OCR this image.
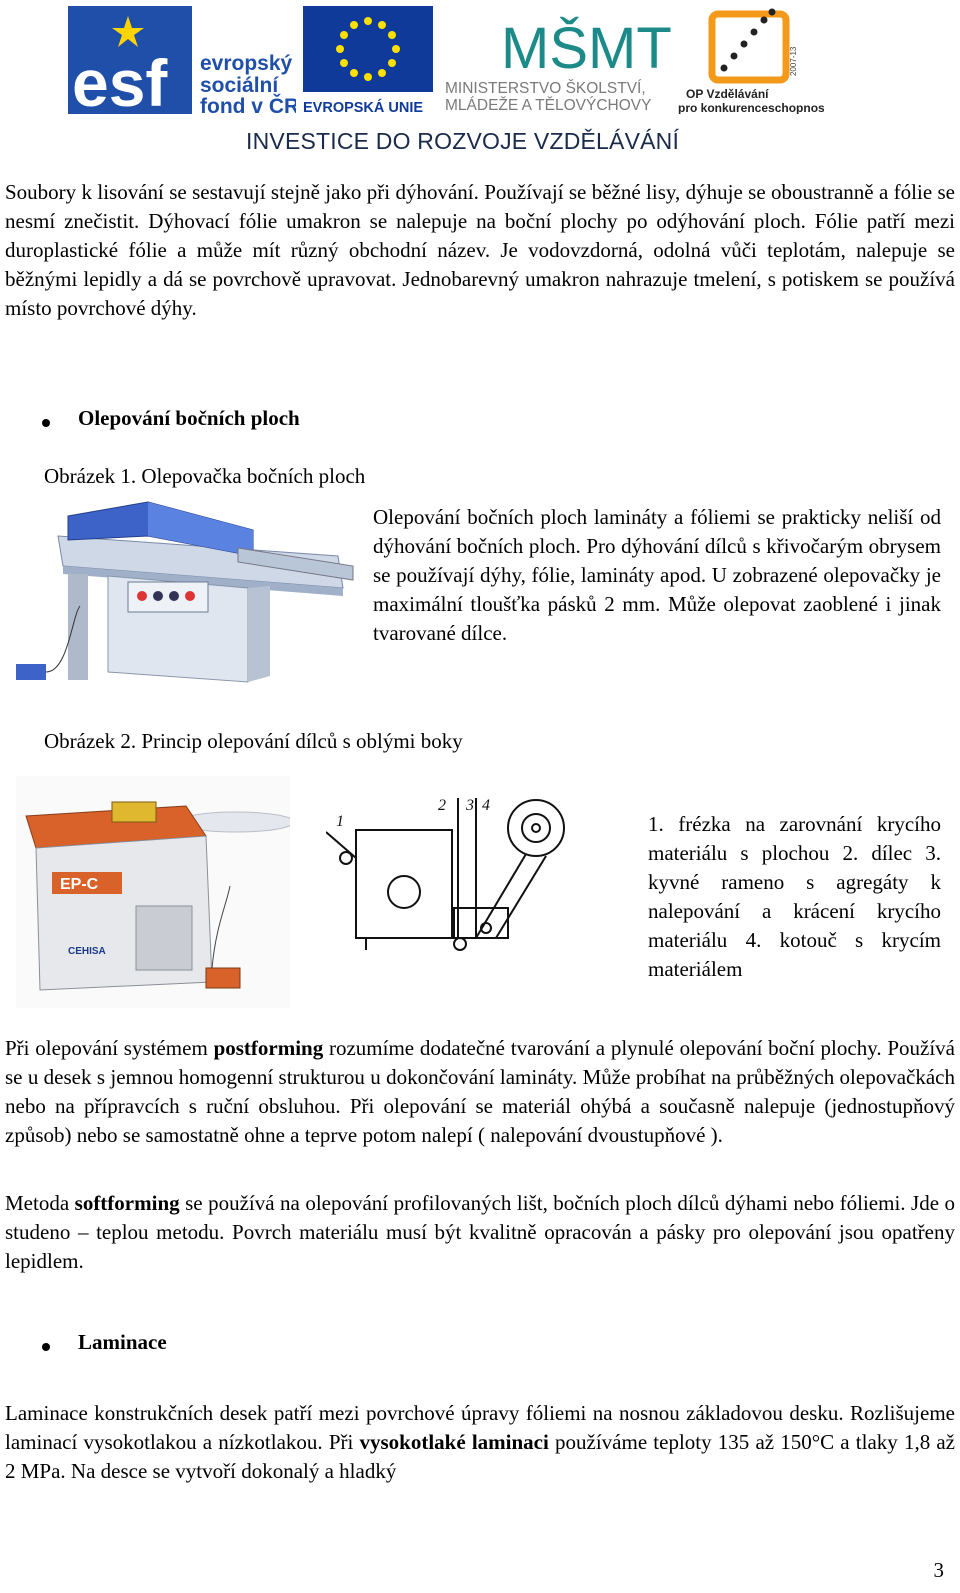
esf evropský
sociální
fond v ČR EVROPSKÁ UNIE
MŠMT
MINISTERSTVO ŠKOLSTVÍ,
MLÁDEŽE A TĚLOVÝCHOVY
2007-13
OP Vzdělávání
pro konkurenceschopnost
INVESTICE DO ROZVOJE VZDĚLÁVÁNÍ

Soubory k lisování se sestavují stejně jako při dýhování. Používají se běžné lisy, dýhuje se oboustranně a fólie se nesmí znečistit. Dýhovací fólie umakron se nalepuje na boční plochy po odýhování ploch. Fólie patří mezi duroplastické fólie a může mít různý obchodní název. Je vodovzdorná, odolná vůči teplotám, nalepuje se běžnými lepidly a dá se povrchově upravovat. Jednobarevný umakron nahrazuje tmelení, s potiskem se používá místo povrchové dýhy.

Olepování bočních ploch
Obrázek 1. Olepovačka bočních ploch
Olepování bočních ploch lamináty a fóliemi se prakticky neliší od dýhování bočních ploch. Pro dýhování dílců s křivočarým obrysem se používají dýhy, fólie, lamináty apod. U zobrazené olepovačky je maximální tloušťka pásků 2 mm. Může olepovat zaoblené i jinak tvarované dílce.
Obrázek 2. Princip olepování dílců s oblými boky
EP-C
CEHISA
1
2 3 4
1. frézka na zarovnání krycího materiálu s plochou 2. dílec 3. kyvné rameno s agregáty k nalepování a krácení krycího materiálu 4. kotouč s krycím materiálem

Při olepování systémem postforming rozumíme dodatečné tvarování a plynulé olepování boční plochy. Používá se u desek s jemnou homogenní strukturou u dokončování lamináty. Může probíhat na průběžných olepovačkách nebo na přípravcích s ruční obsluhou. Při olepování se materiál ohýbá a současně nalepuje (jednostupňový způsob) nebo se samostatně ohne a teprve potom nalepí ( nalepování dvoustupňové ).

Metoda softforming se používá na olepování profilovaných lišt, bočních ploch dílců dýhami nebo fóliemi. Jde o studeno – teplou metodu. Povrch materiálu musí být kvalitně opracován a pásky pro olepování jsou opatřeny lepidlem.

Laminace

Laminace konstrukčních desek patří mezi povrchové úpravy fóliemi na nosnou základovou desku. Rozlišujeme laminací vysokotlakou a nízkotlakou. Při vysokotlaké laminaci používáme teploty 135 až 150°C a tlaky 1,8 až 2 MPa. Na desce se vytvoří dokonalý a hladký

3
